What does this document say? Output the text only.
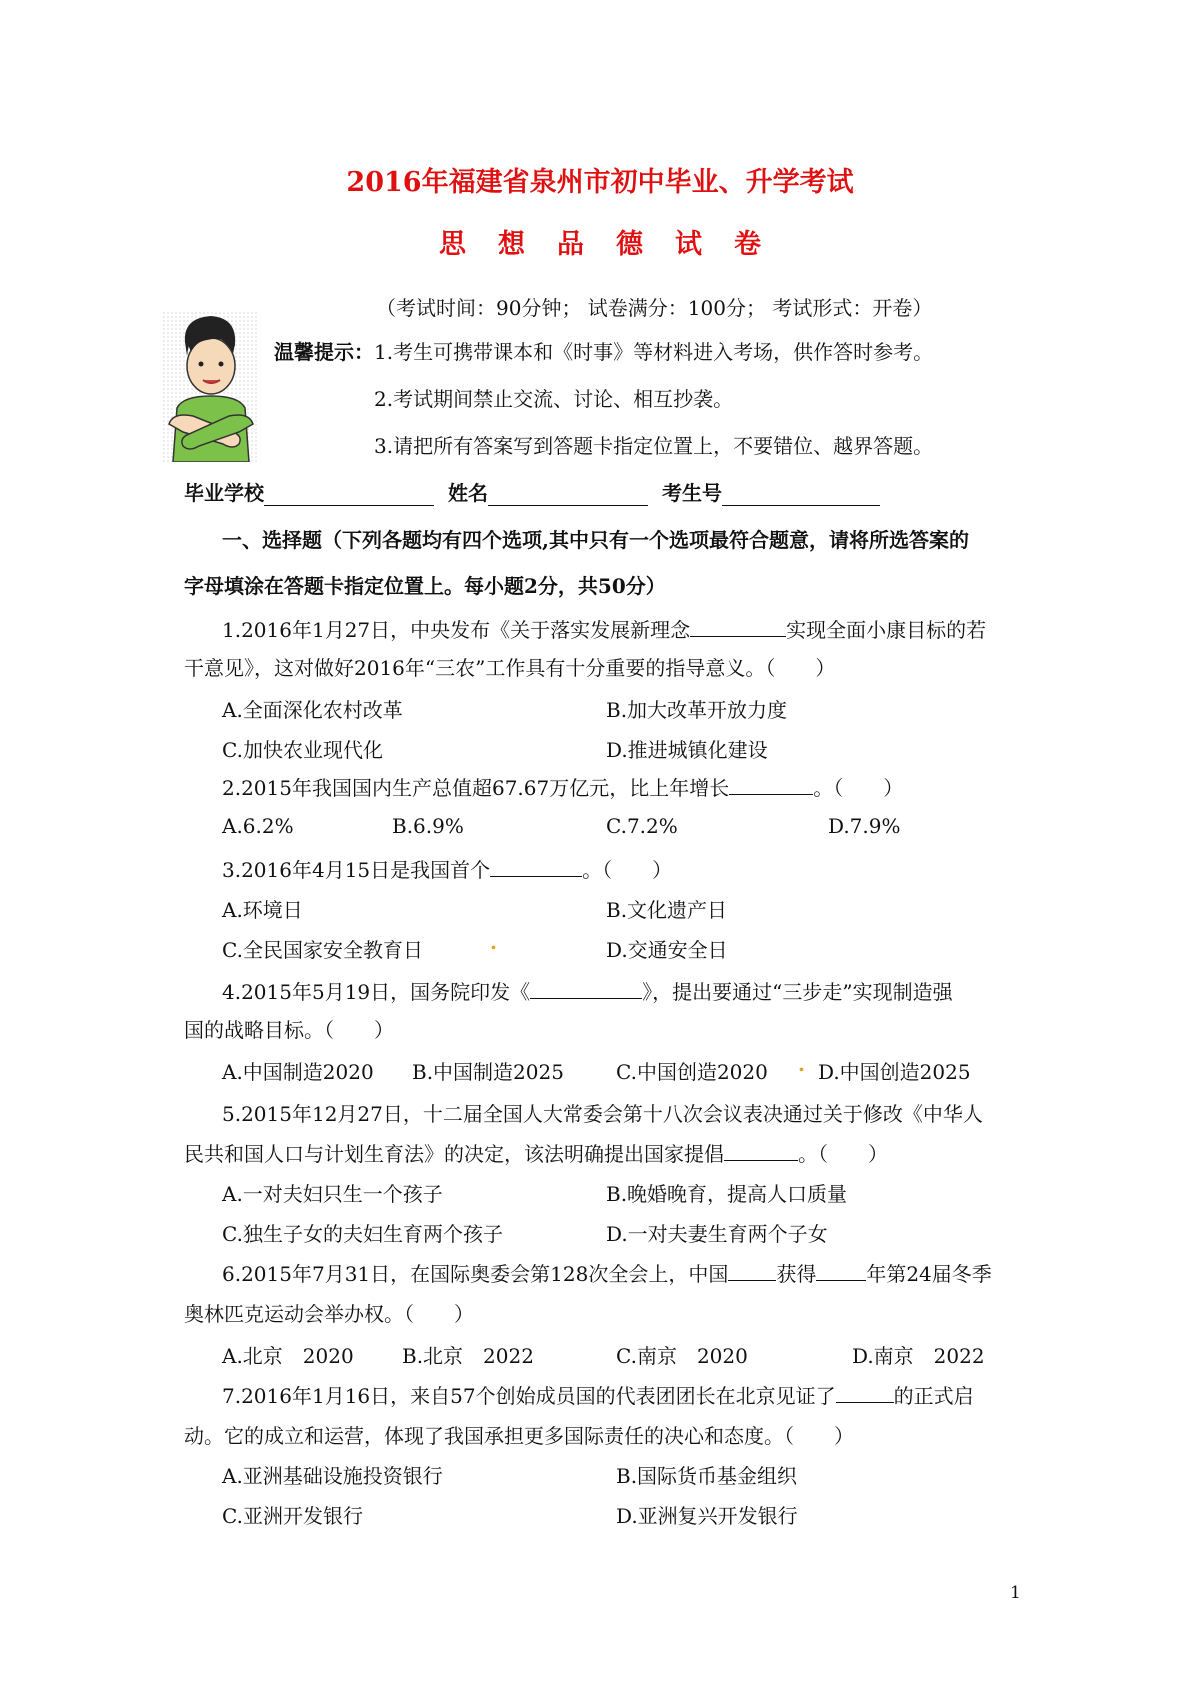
2016年福建省泉州市初中毕业、升学考试
思想品德试卷
（考试时间：90分钟； 试卷满分：100分； 考试形式：开卷）
温馨提示：1.考生可携带课本和《时事》等材料进入考场，供作答时参考。
2.考试期间禁止交流、讨论、相互抄袭。
3.请把所有答案写到答题卡指定位置上，不要错位、越界答题。
毕业学校	姓名	考生号
一、选择题（下列各题均有四个选项,其中只有一个选项最符合题意，请将所选答案的
字母填涂在答题卡指定位置上。每小题2分，共50分）
1.2016年1月27日，中央发布《关于落实发展新理念	实现全面小康目标的若
干意见》，这对做好2016年“三农”工作具有十分重要的指导意义。（　　）
A.全面深化农村改革	B.加大改革开放力度
C.加快农业现代化	D.推进城镇化建设
2.2015年我国国内生产总值超67.67万亿元，比上年增长	。（　　）
A.6.2%	B.6.9%	C.7.2%	D.7.9%
3.2016年4月15日是我国首个	。（　　）
A.环境日	B.文化遗产日
C.全民国家安全教育日	.	D.交通安全日
4.2015年5月19日，国务院印发《	》，提出要通过“三步走”实现制造强
国的战略目标。（　　）
A.中国制造2020 B.中国制造2025	C.中国创造2020 . D.中国创造2025
5.2015年12月27日，十二届全国人大常委会第十八次会议表决通过关于修改《中华人
民共和国人口与计划生育法》的决定，该法明确提出国家提倡	。（　　）
A.一对夫妇只生一个孩子	B.晚婚晚育，提高人口质量
C.独生子女的夫妇生育两个孩子	D.一对夫妻生育两个子女
6.2015年7月31日，在国际奥委会第128次全会上，中国 获得	年第24届冬季
奥林匹克运动会举办权。（　　）
A.北京　2020 B.北京　2022	C.南京　2020	D.南京　2022
7.2016年1月16日，来自57个创始成员国的代表团团长在北京见证了	的正式启
动。它的成立和运营，体现了我国承担更多国际责任的决心和态度。（　　）
A.亚洲基础设施投资银行	B.国际货币基金组织
C.亚洲开发银行	D.亚洲复兴开发银行
1
